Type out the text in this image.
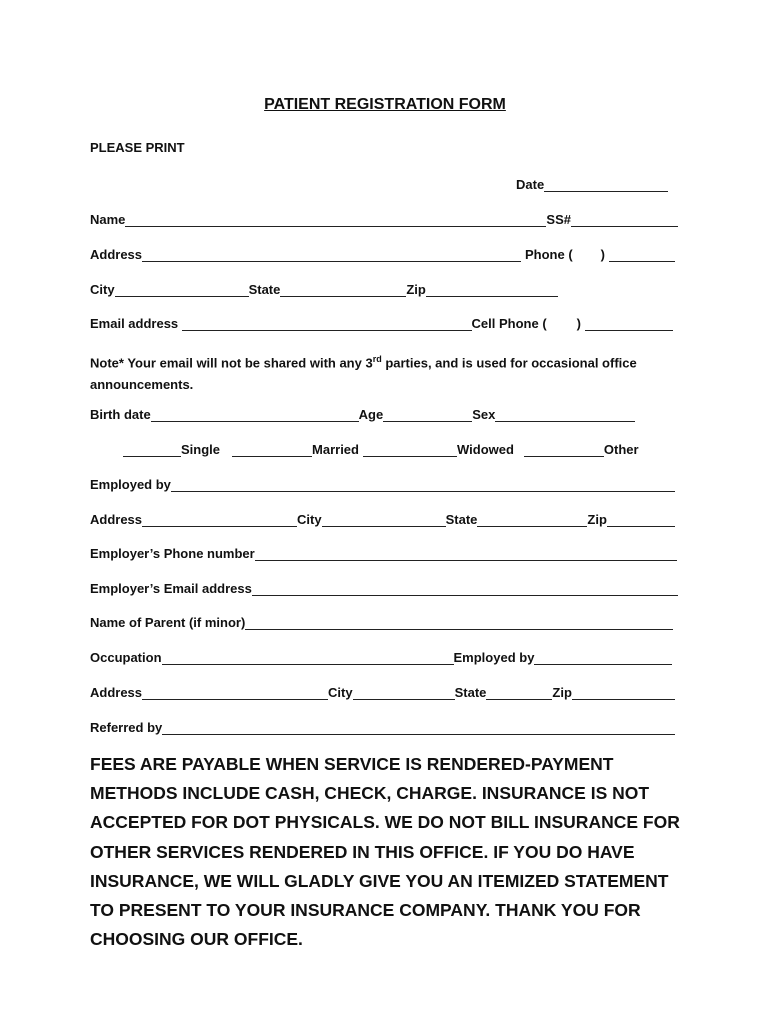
PATIENT REGISTRATION FORM
PLEASE PRINT
Date
Name	SS#
Address	Phone ( )
City	State	Zip
Email address	Cell Phone ( )
Note* Your email will not be shared with any 3rd parties, and is used for occasional office announcements.
Birth date	Age	Sex
Single	Married	Widowed	Other
Employed by
Address	City	State	Zip
Employer’s Phone number
Employer’s Email address
Name of Parent (if minor)
Occupation	Employed by
Address	City	State	Zip
Referred by
FEES ARE PAYABLE WHEN SERVICE IS RENDERED-PAYMENT METHODS INCLUDE CASH, CHECK, CHARGE. INSURANCE IS NOT ACCEPTED FOR DOT PHYSICALS. WE DO NOT BILL INSURANCE FOR OTHER SERVICES RENDERED IN THIS OFFICE. IF YOU DO HAVE INSURANCE, WE WILL GLADLY GIVE YOU AN ITEMIZED STATEMENT TO PRESENT TO YOUR INSURANCE COMPANY. THANK YOU FOR CHOOSING OUR OFFICE.
